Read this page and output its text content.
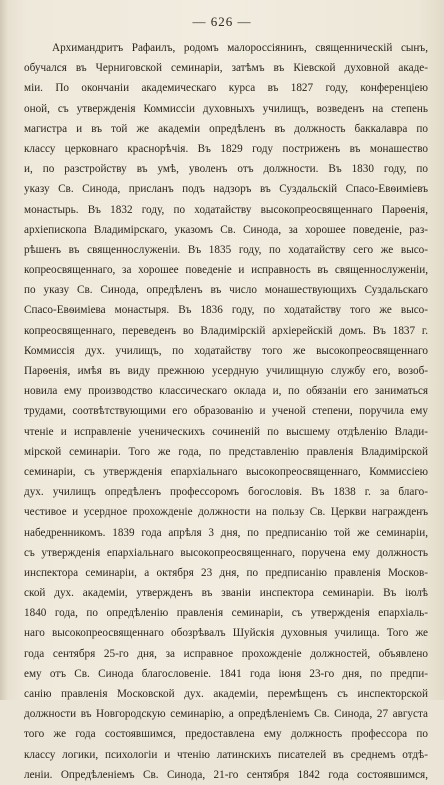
— 626 —
Архимандритъ Рафаилъ, родомъ малороссіянинъ, священническій сынъ,
обучался въ Черниговской семинаріи, затѣмъ въ Кіевской духовной акаде-
міи. По окончаніи академическаго курса въ 1827 году, конференціею
оной, съ утвержденія Коммиссіи духовныхъ училищъ, возведенъ на степень
магистра и въ той же академіи опредѣленъ въ должность баккалавра по
классу церковнаго краснорѣчія. Въ 1829 году постриженъ въ монашество
и, по разстройству въ умѣ, уволенъ отъ должности. Въ 1830 году, по
указу Св. Синода, присланъ подъ надзоръ въ Суздальскій Спасо-Евѳиміевъ
монастырь. Въ 1832 году, по ходатайству высокопреосвященнаго Парѳенія,
архіепископа Владимірскаго, указомъ Св. Синода, за хорошее поведеніе, раз-
рѣшенъ въ священнослуженіи. Въ 1835 году, по ходатайству сего же высо-
копреосвященнаго, за хорошее поведеніе и исправность въ священнослуженіи,
по указу Св. Синода, опредѣленъ въ число монашествующихъ Суздальскаго
Спасо-Евѳиміева монастыря. Въ 1836 году, по ходатайству того же высо-
копреосвященнаго, переведенъ во Владимірскій архіерейскій домъ. Въ 1837 г.
Коммиссія дух. училищъ, по ходатайству того же высокопреосвященнаго
Парѳенія, имѣя въ виду прежнюю усердную училищную службу его, возоб-
новила ему производство классическаго оклада и, по обязаніи его заниматься
трудами, соотвѣтствующими его образованію и ученой степени, поручила ему
чтеніе и исправленіе ученическихъ сочиненій по высшему отдѣленію Влади-
мірской семинаріи. Того же года, по представленію правленія Владимірской
семинаріи, съ утвержденія епархіальнаго высокопреосвященнаго, Коммиссіею
дух. училищъ опредѣленъ профессоромъ богословія. Въ 1838 г. за благо-
честивое и усердное прохожденіе должности на пользу Св. Церкви награжденъ
набедренникомъ. 1839 года апрѣля 3 дня, по предписанію той же семинаріи,
съ утвержденія епархіальнаго высокопреосвященнаго, поручена ему должность
инспектора семинаріи, а октября 23 дня, по предписанію правленія Москов-
ской дух. академіи, утвержденъ въ званіи инспектора семинаріи. Въ іюлѣ
1840 года, по опредѣленію правленія семинаріи, съ утвержденія епархіаль-
наго высокопреосвященнаго обозрѣвалъ Шуйскія духовныя училища. Того же
года сентября 25-го дня, за исправное прохожденіе должностей, объявлено
ему отъ Св. Синода благословеніе. 1841 года іюня 23-го дня, по предпи-
санію правленія Московской дух. академіи, перемѣщенъ съ инспекторской
должности въ Новгородскую семинарію, а опредѣленіемъ Св. Синода, 27 августа
того же года состоявшимся, предоставлена ему должность профессора по
классу логики, психологіи и чтенію латинскихъ писателей въ среднемъ отдѣ-
леніи. Опредѣленіемъ Св. Синода, 21-го сентября 1842 года состоявшимся,
